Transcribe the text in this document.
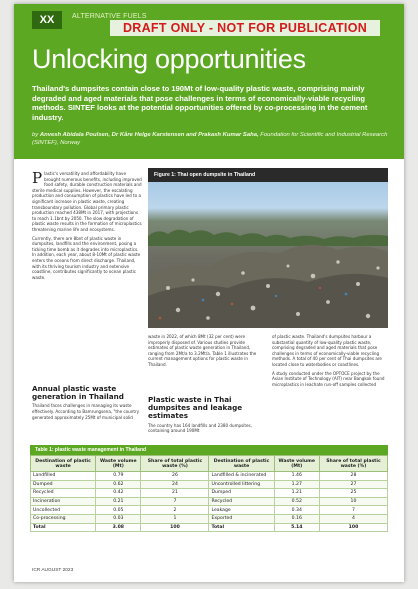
XX	ALTERNATIVE FUELS
DRAFT ONLY - NOT FOR PUBLICATION
Unlocking opportunities
Thailand's dumpsites contain close to 190Mt of low-quality plastic waste, comprising mainly degraded and aged materials that pose challenges in terms of economically-viable recycling methods. SINTEF looks at the potential opportunities offered by co-processing in the cement industry.
by Anvesh Abidala Poulsen, Dr Kåre Helge Karstensen and Prakash Kumar Saha, Foundation for Scientific and Industrial Research (SINTEF), Norway

Plastic's versatility and affordability have brought numerous benefits, including improved food safety, durable construction materials and sterile medical supplies. However, the escalating production and consumption of plastics have led to a significant increase in plastic waste, creating transboundary pollution. Global primary plastic production reached 438Mt in 2017, with projections to reach 1.1bnt by 2050. The slow degradation of plastic waste results in the formation of microplastics threatening marine life and ecosystems.

Currently, there are 8bnt of plastic waste in dumpsites, landfills and the environment, posing a ticking time bomb as it degrades into microplastics. In addition, each year, about 8-10Mt of plastic waste enters the oceans from direct discharge. Thailand, with its thriving tourism industry and extensive coastline, contributes significantly to ocean plastic waste.

Annual plastic waste generation in Thailand

Thailand faces challenges in managing its waste effectively. According to Bamrungsena, "the country generated approximately 25Mt of municipal solid

Figure 1: Thai open dumpsite in Thailand

waste in 2022, of which 8Mt (32 per cent) were improperly disposed of. Various studies provide estimates of plastic waste generation in Thailand, ranging from 2Mt/a to 3.2Mt/a. Table 1 illustrates the current management options for plastic waste in Thailand.

Plastic waste in Thai dumpsites and leakage estimates

The country has 164 landfills and 2380 dumpsites, containing around 190Mt

of plastic waste. Thailand's dumpsites harbour a substantial quantity of low-quality plastic waste, comprising degraded and aged materials that pose challenges in terms of economically-viable recycling methods. A total of 40 per cent of Thai dumpsites are located close to waterbodies or coastlines.

A study conducted under the OPTOCE project by the Asian Institute of Technology (AIT) near Bangkok found microplastics in leachate run-off samples collected

Table 1: plastic waste management in Thailand
Destination of plastic waste	Waste volume (Mt)	Share of total plastic waste (%)	Destination of plastic waste	Waste volume (Mt)	Share of total plastic waste (%)
Landfilled	0.79	26	Landfilled & incinerated	1.46	28
Dumped	0.62	24	Uncontrolled littering	1.27	27
Recycled	0.42	21	Dumped	1.21	25
Incineration	0.21	7	Recycled	0.52	10
Uncollected	0.05	2	Leakage	0.34	7
Co-processing	0.03	1	Exported	0.16	4
Total	3.08	100	Total	5.14	100
ICR AUGUST 2023
